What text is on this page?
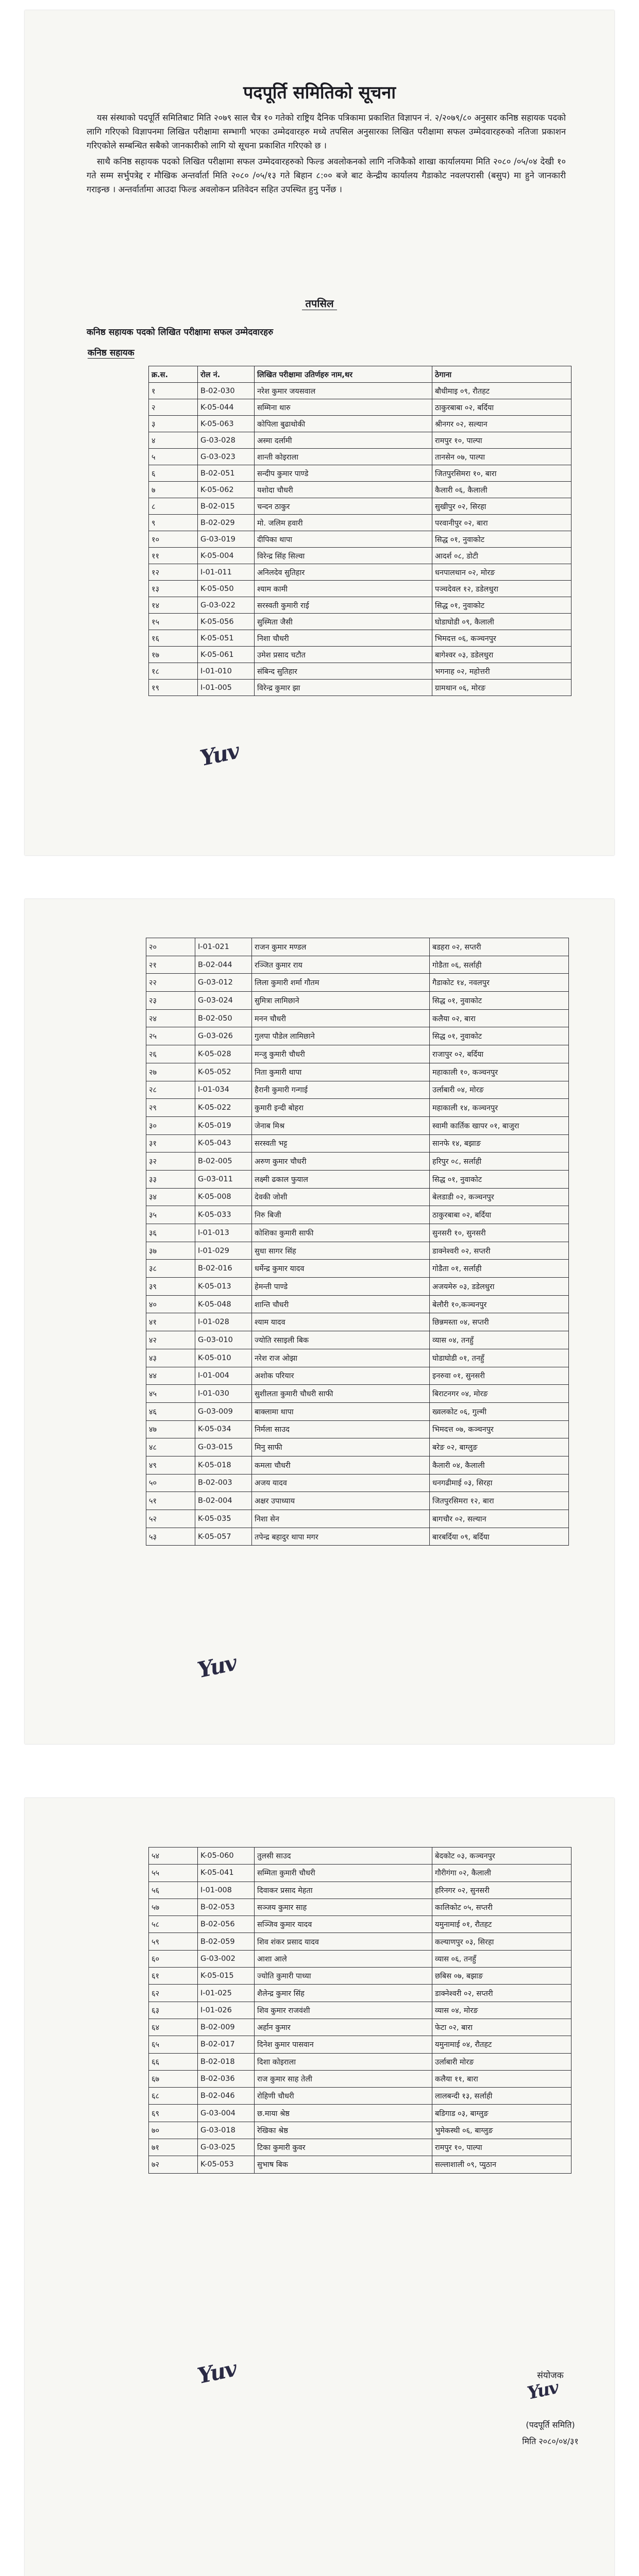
पदपूर्ति समितिको सूचना

यस संस्थाको पदपूर्ति समितिबाट मिति २०७९ साल चैत्र १० गतेको राष्ट्रिय दैनिक पत्रिकामा प्रकाशित विज्ञापन नं. २/२०७९/८० अनुसार कनिष्ठ सहायक पदको लागि गरिएको विज्ञापनमा लिखित परीक्षामा सम्भागी भएका उम्मेदवारहरु मध्ये तपसिल अनुसारका लिखित परीक्षामा सफल उम्मेदवारहरुको नतिजा प्रकाशन गरिएकोले सम्बन्धित सबैको जानकारीको लागि यो सूचना प्रकाशित गरिएको छ ।

साथै कनिष्ठ सहायक पदको लिखित परीक्षामा सफल उम्मेदवारहरुको फिल्ड अवलोकनको लागि नजिकैको शाखा कार्यालयमा मिति २०८० /०५/०४ देखी १० गते सम्म सर्भुपत्रेद्द र मौखिक अन्तर्वार्ता मिति २०८० /०५/१३ गते बिहान ८:०० बजे बाट केन्द्रीय कार्यालय गैडाकोट नवलपरासी (बसुप) मा हुने जानकारी गराइन्छ । अन्तर्वार्तामा आउदा फिल्ड अवलोकन प्रतिवेदन सहित उपस्थित हुनु पर्नेछ ।

तपसिल
कनिष्ठ सहायक पदको लिखित परीक्षामा सफल उम्मेदवारहरु
कनिष्ठ सहायक
क्र.स.	रोल नं.	लिखित परीक्षामा उतिर्णहरु नाम,थर	ठेगाना
१	B-02-030	नरेश कुमार जयसवाल	बौधीमाइ ०९, रौतहट
२	K-05-044	सम्मिना थारु	ठाकुरबाबा ०२, बर्दिया
३	K-05-063	कोपिला बुढाथोकी	श्रीनगर ०२, सल्यान
४	G-03-028	अस्मा दर्लामी	रामपुर १०, पाल्पा
५	G-03-023	शान्ती कोइराला	तानसेन ०७, पाल्पा
६	B-02-051	सन्दीप कुमार पाण्डे	जितपुरसिमरा १०, बारा
७	K-05-062	यशोदा चौधरी	कैलारी ०६, कैलाली
८	B-02-015	चन्दन ठाकुर	सुखीपुर ०२, सिरहा
९	B-02-029	मो. जलिम हवारी	परवानीपुर ०२, बारा
१०	G-03-019	दीपिका थापा	सिद्ध ०१, नुवाकोट
११	K-05-004	विरेन्द्र सिंह सिल्वा	आदर्श ०८, डोटी
१२	I-01-011	अनिलदेव सुतिहार	धनपालथान ०२, मोरङ
१३	K-05-050	श्याम कामी	पञ्चदेवल १२, डडेलधुरा
१४	G-03-022	सरस्वती कुमारी राई	सिद्ध ०१, नुवाकोट
१५	K-05-056	सुस्मिता जैसी	घोडाघोडी ०९, कैलाली
१६	K-05-051	निशा चौधरी	भिमदत्त ०६, कञ्चनपुर
१७	K-05-061	उमेश प्रसाद चटौत	बागेश्वर ०३, डडेलधुरा
१८	I-01-010	संबिन्द सुतिहार	भगनाह ०२, महोत्तरी
१९	I-01-005	विरेन्द्र कुमार झा	ग्रामथान ०६, मोरङ
Yuv
२०	I-01-021	राजन कुमार मण्डल	बडहरा ०२, सप्तरी
२१	B-02-044	रञ्जित कुमार राय	गोडैता ०६, सर्लाही
२२	G-03-012	लिला कुमारी शर्मा गौतम	गैडाकोट १४, नवलपुर
२३	G-03-024	सुमित्रा लामिछाने	सिद्ध ०१, नुवाकोट
२४	B-02-050	मनन चौधरी	कलैया ०२, बारा
२५	G-03-026	गुलपा पौडेल लामिछाने	सिद्ध ०१, नुवाकोट
२६	K-05-028	मन्जु कुमारी चौधरी	राजापुर ०२, बर्दिया
२७	K-05-052	निता कुमारी थापा	महाकाली १०, कञ्चनपुर
२८	I-01-034	हैरानी कुमारी गन्गाई	उर्लाबारी ०४, मोरङ
२९	K-05-022	कुमारी इन्दी बोहरा	महाकाली १४, कञ्चनपुर
३०	K-05-019	जेनाब मिश्र	स्वामी कार्तिक खापर ०१, बाजुरा
३१	K-05-043	सरस्वती भट्ट	सानफे १४, बझाङ
३२	B-02-005	अरुण कुमार चौधरी	हरिपुर ०८, सर्लाही
३३	G-03-011	लक्ष्मी ढकाल फुयाल	सिद्ध ०१, नुवाकोट
३४	K-05-008	देवकी जोशी	बेलडाडी ०२, कञ्चनपुर
३५	K-05-033	निरु बिजी	ठाकुरबाबा ०२, बर्दिया
३६	I-01-013	कोशिका कुमारी साफी	सुनसरी १०, सुनसरी
३७	I-01-029	सुधा सागर सिंह	डाक्नेश्वरी ०२, सप्तरी
३८	B-02-016	धर्मेन्द्र कुमार यादव	गोडैता ०१, सर्लाही
३९	K-05-013	हेमन्ती पाण्डे	अजयमेरु ०३, डडेलधुरा
४०	K-05-048	शान्ति चौधरी	बेलौरी १०,कञ्चनपुर
४१	I-01-028	श्याम यादव	छिन्नमस्ता ०४, सप्तरी
४२	G-03-010	ज्योति रसाइली बिक	व्यास ०४, तनहुँ
४३	K-05-010	नरेश राज ओझा	घोडाघोडी ०१, तनहुँ
४४	I-01-004	अशोक परियार	इनरुवा ०१, सुनसरी
४५	I-01-030	सुशीलता कुमारी चौधरी साफी	बिराटनगर ०४, मोरङ
४६	G-03-009	बाक्लामा थापा	ख्वलकोट ०६, गुल्मी
४७	K-05-034	निर्मला साउद	भिमदत्त ०७, कञ्चनपुर
४८	G-03-015	मिनु साफी	बरेङ ०२, बाग्लुङ
४९	K-05-018	कमला चौधरी	कैलारी ०४, कैलाली
५०	B-02-003	अजय यादव	धनगढीमाई ०३, सिरहा
५१	B-02-004	अक्षर उपाध्याय	जितपुरसिमरा १२, बारा
५२	K-05-035	निशा सेन	बागचौर ०२, सल्यान
५३	K-05-057	तपेन्द्र बहादुर थापा मगर	बारबर्दिया ०९, बर्दिया
Yuv
५४	K-05-060	तुलसी साउद	बेदकोट ०३, कञ्चनपुर
५५	K-05-041	सम्मिता कुमारी चौधरी	गौरीगंगा ०२, कैलाली
५६	I-01-008	दिवाकर प्रसाद मेहता	हरिनगर ०२, सुनसरी
५७	B-02-053	सञ्जय कुमार साह	कालिकोट ०५, सप्तरी
५८	B-02-056	सञ्जिव कुमार यादव	यमुनामाई ०१, रौतहट
५९	B-02-059	शिव शंकर प्रसाद यादव	कल्याणपुर ०३, सिरहा
६०	G-03-002	आशा आले	व्यास ०६, तनहुँ
६१	K-05-015	ज्योति कुमारी पाध्या	छबिस ०७, बझाङ
६२	I-01-025	शैलेन्द्र कुमार सिंह	डाक्नेश्वरी ०२, सप्तरी
६३	I-01-026	शिव कुमार राजवंशी	व्यास ०४, मोरङ
६४	B-02-009	अर्हान कुमार	फेटा ०२, बारा
६५	B-02-017	दिनेश कुमार पासवान	यमुनामाई ०४, रौतहट
६६	B-02-018	दिशा कोइराला	उर्लाबारी मोरङ
६७	B-02-036	राज कुमार साह तेली	कलैया ११, बारा
६८	B-02-046	रोहिणी चौधरी	लालबन्दी १३, सर्लाही
६९	G-03-004	छ.माया श्रेष्ठ	बडिगाड ०३, बाग्लुङ
७०	G-03-018	रेखिका श्रेष्ठ	भुमेकस्थी ०६, बाग्लुङ
७१	G-03-025	टिका कुमारी कुवर	रामपुर १०, पाल्पा
७२	K-05-053	सुभाष बिक	सल्लाशाली ०९, प्युठान
Yuv	संयोजक
Yuv
(पदपूर्ति समिति)
मिति २०८०/०४/३१
